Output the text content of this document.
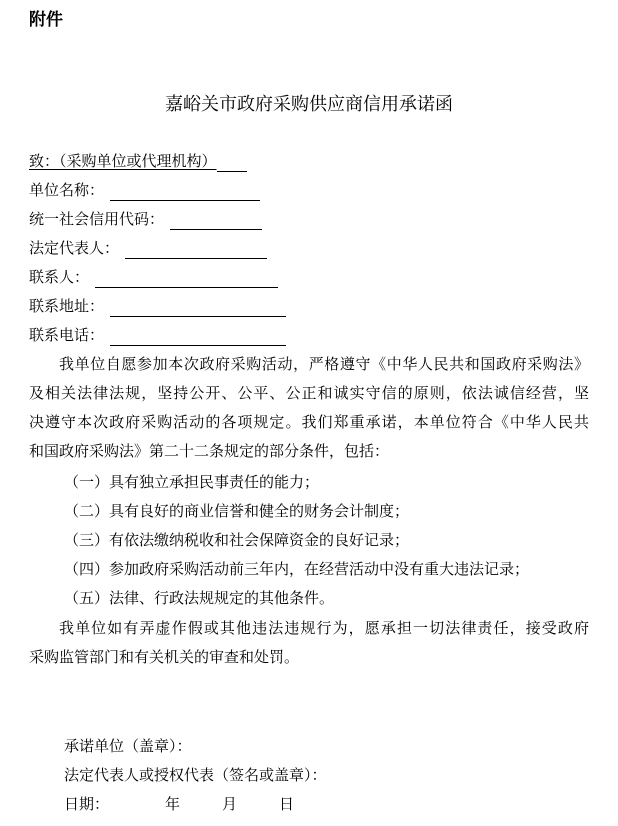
附件
嘉峪关市政府采购供应商信用承诺函
致：（采购单位或代理机构）
单位名称：
统一社会信用代码：
法定代表人：
联系人：
联系地址：
联系电话：
我单位自愿参加本次政府采购活动，严格遵守《中华人民共和国政府采购法》
及相关法律法规，坚持公开、公平、公正和诚实守信的原则，依法诚信经营，坚
决遵守本次政府采购活动的各项规定。我们郑重承诺，本单位符合《中华人民共
和国政府采购法》第二十二条规定的部分条件，包括：
（一）具有独立承担民事责任的能力；
（二）具有良好的商业信誉和健全的财务会计制度；
（三）有依法缴纳税收和社会保障资金的良好记录；
（四）参加政府采购活动前三年内，在经营活动中没有重大违法记录；
（五）法律、行政法规规定的其他条件。
我单位如有弄虚作假或其他违法违规行为，愿承担一切法律责任，接受政府
采购监管部门和有关机关的审查和处罚。
承诺单位（盖章）：
法定代表人或授权代表（签名或盖章）：
日期：	年	月	日
